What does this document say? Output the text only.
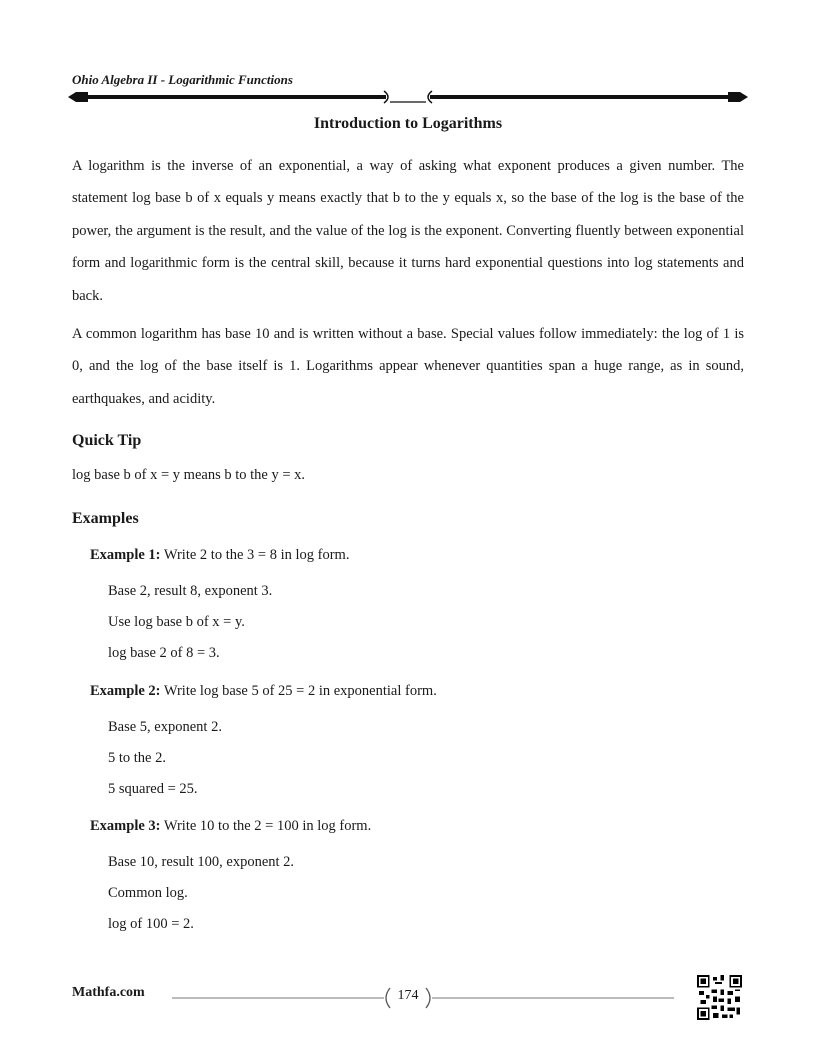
Ohio Algebra II - Logarithmic Functions
Introduction to Logarithms

A logarithm is the inverse of an exponential, a way of asking what exponent produces a given number. The statement log base b of x equals y means exactly that b to the y equals x, so the base of the log is the base of the power, the argument is the result, and the value of the log is the exponent. Converting fluently between exponential form and logarithmic form is the central skill, because it turns hard exponential questions into log statements and back.

A common logarithm has base 10 and is written without a base. Special values follow immediately: the log of 1 is 0, and the log of the base itself is 1. Logarithms appear whenever quantities span a huge range, as in sound, earthquakes, and acidity.

Quick Tip

log base b of x = y means b to the y = x.

Examples

Example 1: Write 2 to the 3 = 8 in log form.

Base 2, result 8, exponent 3.

Use log base b of x = y.

log base 2 of 8 = 3.

Example 2: Write log base 5 of 25 = 2 in exponential form.

Base 5, exponent 2.

5 to the 2.

5 squared = 25.

Example 3: Write 10 to the 2 = 100 in log form.

Base 10, result 100, exponent 2.

Common log.

log of 100 = 2.

Mathfa.com	174
